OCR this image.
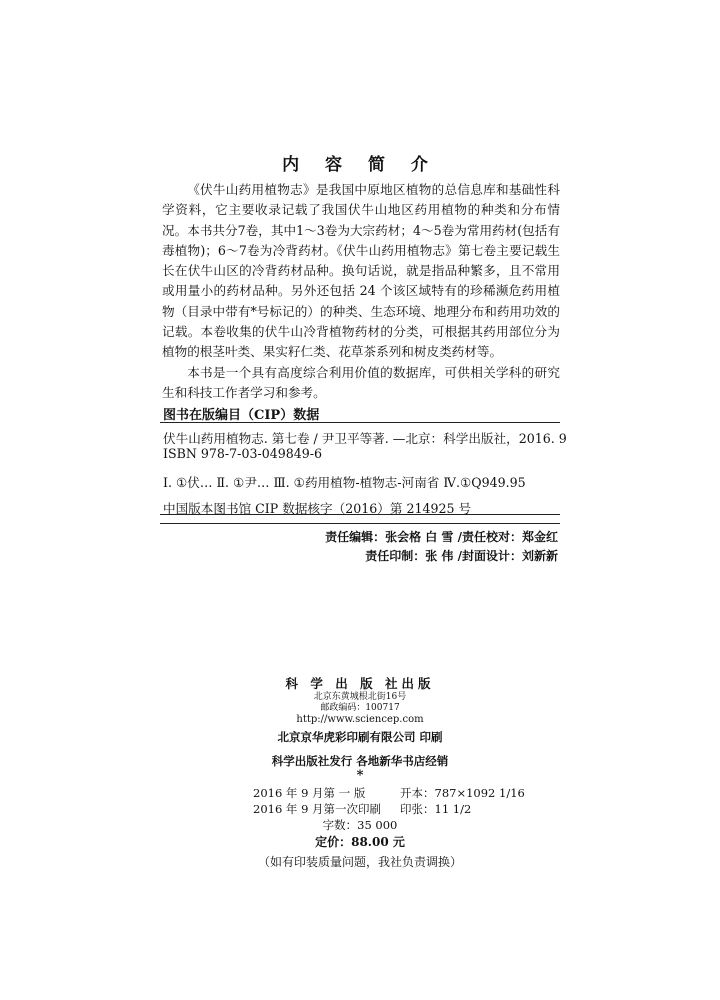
内 容 简 介

《伏牛山药用植物志》是我国中原地区植物的总信息库和基础性科学资料，它主要收录记载了我国伏牛山地区药用植物的种类和分布情况。本书共分7卷，其中1～3卷为大宗药材；4～5卷为常用药材(包括有毒植物)；6～7卷为冷背药材。《伏牛山药用植物志》第七卷主要记载生长在伏牛山区的冷背药材品种。换句话说，就是指品种繁多，且不常用或用量小的药材品种。另外还包括 24 个该区域特有的珍稀濒危药用植物（目录中带有*号标记的）的种类、生态环境、地理分布和药用功效的记载。本卷收集的伏牛山冷背植物药材的分类，可根据其药用部位分为植物的根茎叶类、果实籽仁类、花草茶系列和树皮类药材等。

本书是一个具有高度综合利用价值的数据库，可供相关学科的研究生和科技工作者学习和参考。

图书在版编目（CIP）数据
伏牛山药用植物志. 第七卷 / 尹卫平等著. —北京：科学出版社，2016. 9
ISBN 978-7-03-049849-6
Ⅰ. ①伏… Ⅱ. ①尹… Ⅲ. ①药用植物-植物志-河南省 Ⅳ.①Q949.95
中国版本图书馆 CIP 数据核字（2016）第 214925 号
责任编辑：张会格 白 雪 /责任校对：郑金红
责任印制：张 伟 /封面设计：刘新新
科 学 出 版 社出版
北京东黄城根北街16号
邮政编码：100717
http://www.sciencep.com
北京京华虎彩印刷有限公司 印刷
科学出版社发行 各地新华书店经销
*
2016 年 9 月第 一 版	开本：787×1092 1/16
2016 年 9 月第一次印刷 印张：11 1/2
字数：35 000
定价：88.00 元
（如有印装质量问题，我社负责调换）
